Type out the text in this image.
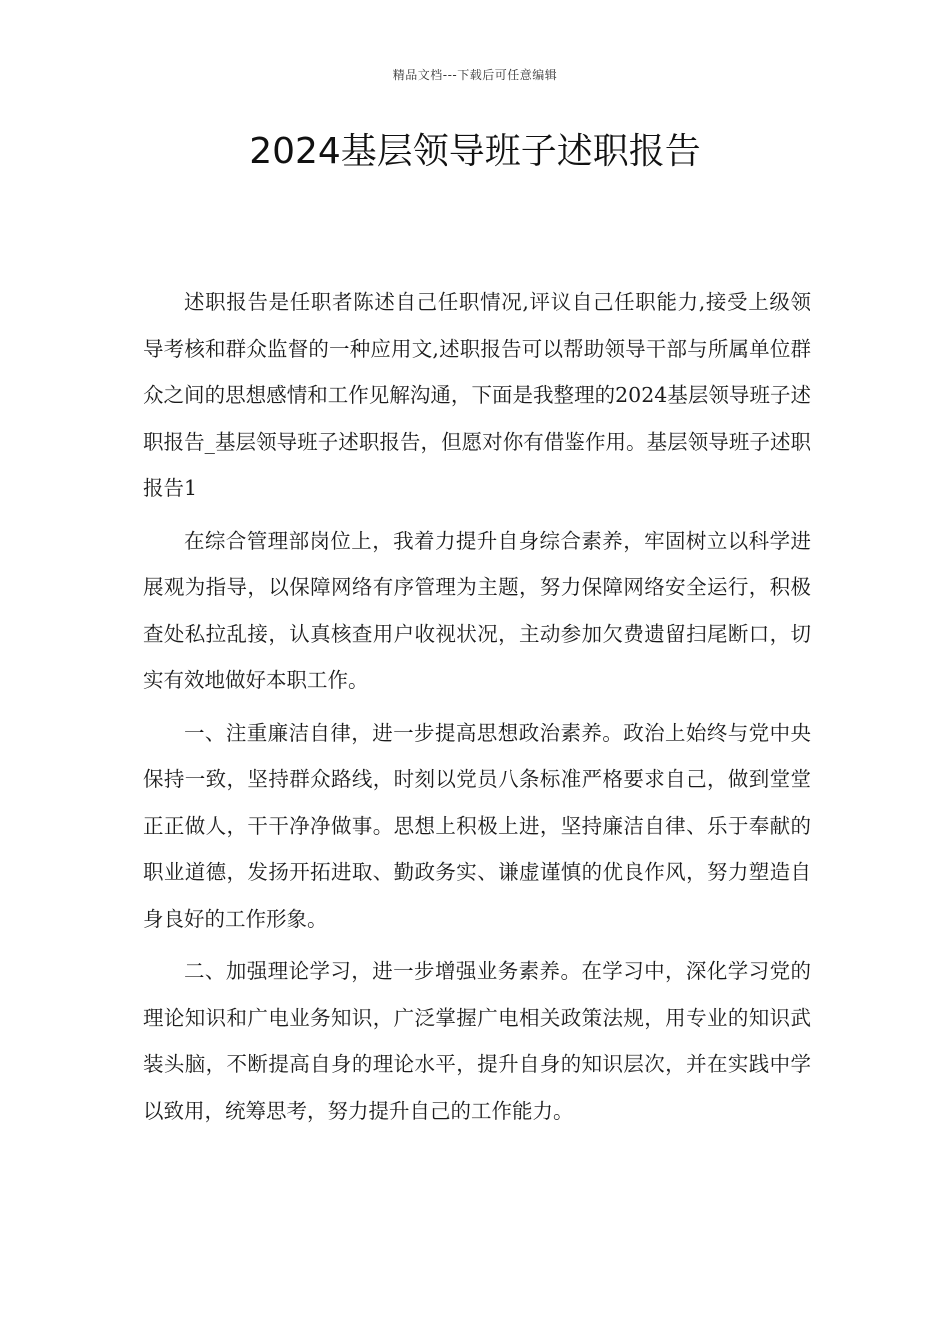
精品文档---下载后可任意编辑
2024基层领导班子述职报告

述职报告是任职者陈述自己任职情况,评议自己任职能力,接受上级领导考核和群众监督的一种应用文,述职报告可以帮助领导干部与所属单位群众之间的思想感情和工作见解沟通，下面是我整理的2024基层领导班子述职报告_基层领导班子述职报告，但愿对你有借鉴作用。基层领导班子述职报告1

在综合管理部岗位上，我着力提升自身综合素养，牢固树立以科学进展观为指导，以保障网络有序管理为主题，努力保障网络安全运行，积极查处私拉乱接，认真核查用户收视状况，主动参加欠费遗留扫尾断口，切实有效地做好本职工作。

一、注重廉洁自律，进一步提高思想政治素养。政治上始终与党中央保持一致，坚持群众路线，时刻以党员八条标准严格要求自己，做到堂堂正正做人，干干净净做事。思想上积极上进，坚持廉洁自律、乐于奉献的职业道德，发扬开拓进取、勤政务实、谦虚谨慎的优良作风，努力塑造自身良好的工作形象。

二、加强理论学习，进一步增强业务素养。在学习中，深化学习党的理论知识和广电业务知识，广泛掌握广电相关政策法规，用专业的知识武装头脑，不断提高自身的理论水平，提升自身的知识层次，并在实践中学以致用，统筹思考，努力提升自己的工作能力。
